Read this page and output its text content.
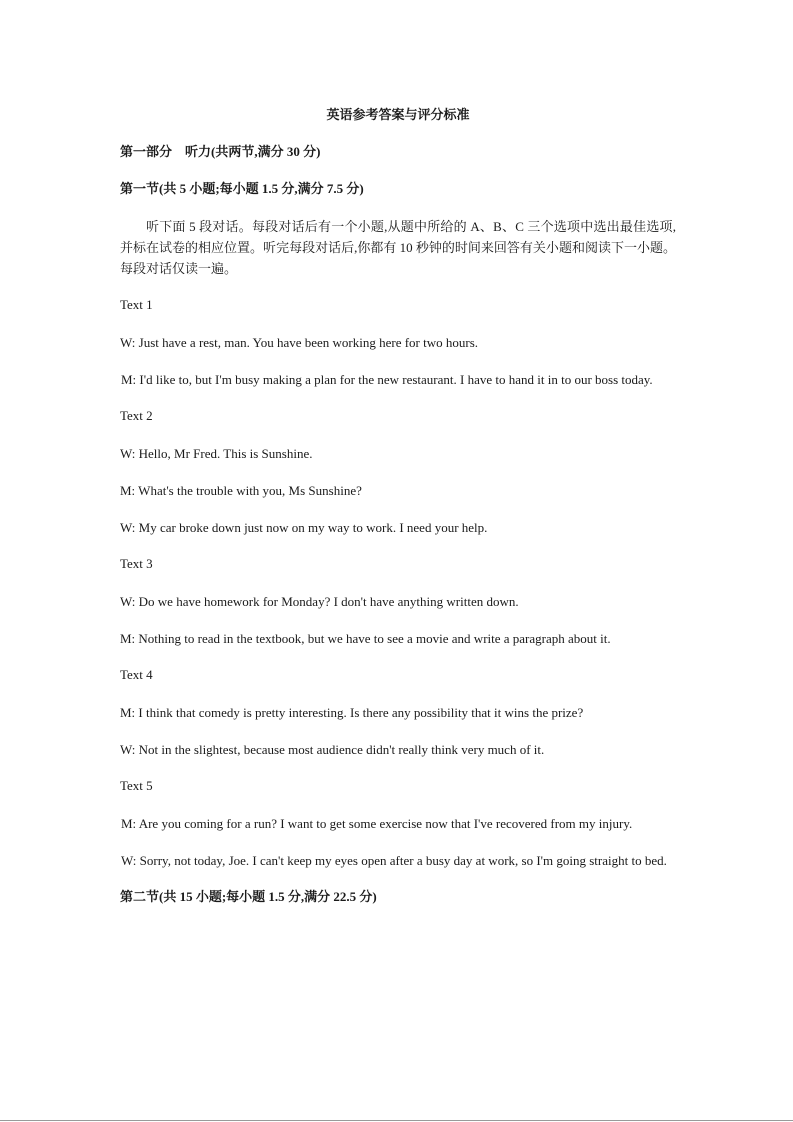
英语参考答案与评分标准
第一部分    听力(共两节,满分 30 分)
第一节(共 5 小题;每小题 1.5 分,满分 7.5 分)
听下面 5 段对话。每段对话后有一个小题,从题中所给的 A、B、C 三个选项中选出最佳选项,并标在试卷的相应位置。听完每段对话后,你都有 10 秒钟的时间来回答有关小题和阅读下一小题。每段对话仅读一遍。
Text 1
W: Just have a rest, man. You have been working here for two hours.
M: I'd like to, but I'm busy making a plan for the new restaurant. I have to hand it in to our boss today.
Text 2
W: Hello, Mr Fred. This is Sunshine.
M: What's the trouble with you, Ms Sunshine?
W: My car broke down just now on my way to work. I need your help.
Text 3
W: Do we have homework for Monday? I don't have anything written down.
M: Nothing to read in the textbook, but we have to see a movie and write a paragraph about it.
Text 4
M: I think that comedy is pretty interesting. Is there any possibility that it wins the prize?
W: Not in the slightest, because most audience didn't really think very much of it.
Text 5
M: Are you coming for a run? I want to get some exercise now that I've recovered from my injury.
W: Sorry, not today, Joe. I can't keep my eyes open after a busy day at work, so I'm going straight to bed.
第二节(共 15 小题;每小题 1.5 分,满分 22.5 分)
